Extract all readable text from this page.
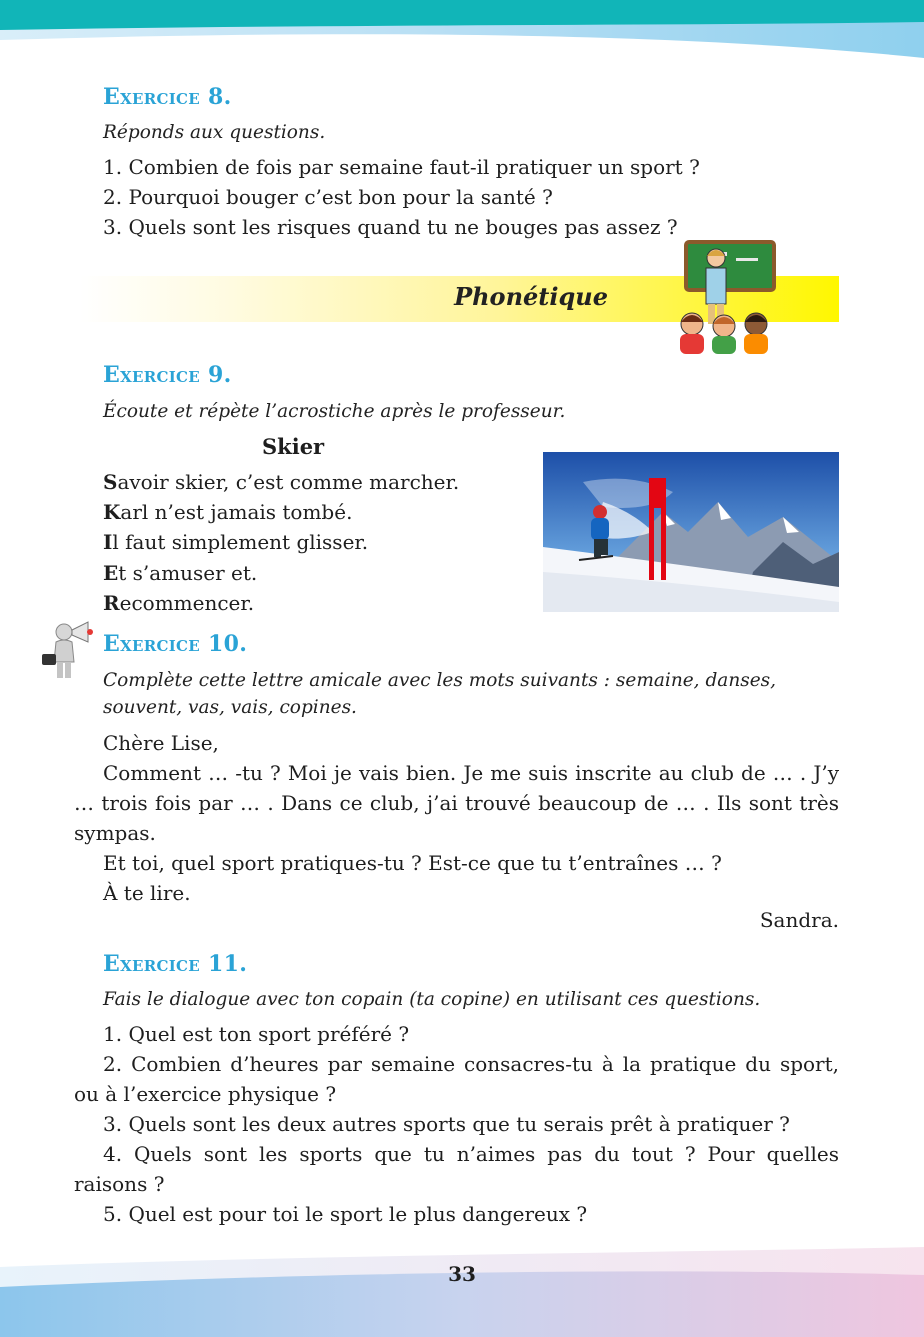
Exercice 8.
Réponds aux questions.
1. Combien de fois par semaine faut-il pratiquer un sport ?
2. Pourquoi bouger c’est bon pour la santé ?
3. Quels sont les risques quand tu ne bouges pas assez ?
Phonétique
Exercice 9.
Écoute et répète l’acrostiche après le professeur.
Skier
Savoir skier, c’est comme marcher.
Karl n’est jamais tombé.
Il faut simplement glisser.
Et s’amuser et.
Recommencer.
Exercice 10.
Complète cette lettre amicale avec les mots suivants : semaine, danses, souvent, vas, vais, copines.
Chère Lise,
Comment … -tu ? Moi je vais bien. Je me suis inscrite au club de … . J’y … trois fois par … . Dans ce club, j’ai trouvé beaucoup de … . Ils sont très sympas.
Et toi, quel sport pratiques-tu ? Est-ce que tu t’entraînes … ?
À te lire.
Sandra.
Exercice 11.
Fais le dialogue avec ton copain (ta copine) en utilisant ces questions.
1. Quel est ton sport préféré ?
2. Combien d’heures par semaine consacres-tu à la pratique du sport, ou à l’exercice physique ?
3. Quels sont les deux autres sports que tu serais prêt à pratiquer ?
4. Quels sont les sports que tu n’aimes pas du tout ? Pour quelles raisons ?
5. Quel est pour toi le sport le plus dangereux ?
33
